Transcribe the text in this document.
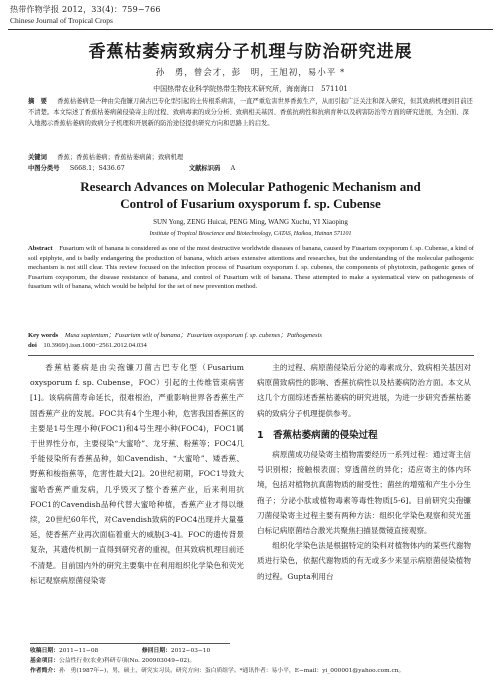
热带作物学报 2012，33(4)：759−766
Chinese Journal of Tropical Crops
香蕉枯萎病致病分子机理与防治研究进展
孙　勇，曾会才，彭　明，王旭初，易小平 *
中国热带农业科学院热带生物技术研究所，海南海口　571101
摘　要 　 香蕉枯萎病是一种由尖孢镰刀菌古巴专化型引起的土传根系病害，一直严重危害世界香蕉生产，从而引起广泛关注和深入研究，但其致病机理到目前还不清楚。本文综述了香蕉枯萎病菌侵染寄主的过程、致病毒素的成分分析、致病相关基因、香蕉抗病性和抗病育种以及病害防治等方面的研究进展，为全面、深入地揭示香蕉枯萎病的致病分子机理和开展新的防治途径提供研究方向和思路上的启发。
关键词 　 香蕉；香蕉枯萎病；香蕉枯萎病菌；致病机理
中图分类号 　 S668.1；S436.67	文献标识码 　 A
Research Advances on Molecular Pathogenic Mechanism and
Control of Fusarium oxysporum f. sp. Cubense
SUN Yong, ZENG Huicai, PENG Ming, WANG Xuchu, YI Xiaoping
Institute of Tropical Bioscience and Biotechnology, CATAS, Haikou, Hainan 571101
Abstract Fusarium wilt of banana is considered as one of the most destructive worldwide diseases of banana, caused by Fusarium oxysporum f. sp. Cubense, a kind of soil epiphyte, and is badly endangering the production of banana, which arises extensive attentions and researches, but the understanding of the molecular pathogenic mechanism is not still clear. This review focused on the infection process of Fusarium oxysporum f. sp. cubenes, the components of phytotoxin, pathogenic genes of Fusarium oxysporum, the disease resistance of banana, and control of Fusarium wilt of banana. These attempted to make a systematical view on pathogenesis of fusarium wilt of banana, which would be helpful for the set of new prevention method.
Key words Musa sapientum；Fusarium wilt of banana；Fusarium oxysporum f. sp. cubenes；Pathogenesis
doi 10.3969/j.issn.1000−2561.2012.04.034

香蕉枯萎病是由尖孢镰刀菌古巴专化型（Fusarium oxysporum f. sp. Cubense，FOC）引起的土传维管束病害[1]。该病病菌寿命延长，很难根治，严重影响世界各香蕉生产国香蕉产业的发展。FOC共有4个生理小种，危害我国香蕉区的主要是1号生理小种(FOC1)和4号生理小种(FOC4)，FOC1属于世界性分布，主要侵染“大蜜哈”、龙牙蕉、粉蕉等；FOC4几乎能侵染所有香蕉品种，如Cavendish、“大蜜哈”、矮香蕉、野蕉和梭指蕉等，危害性最大[2]。20世纪初期，FOC1导致大蜜哈香蕉严重发病，几乎毁灭了整个香蕉产业，后来利用抗FOC1的Cavendish品种代替大蜜哈种植，香蕉产业才得以继续，20世纪60年代，对Cavendish致病的FOC4出现并大量蔓延，使香蕉产业再次面临着重大的威胁[3-4]。FOC的遗传背景复杂，其遗传机制一直得到研究者的重视，但其致病机理目前还不清楚。目前国内外的研究主要集中在利用组织化学染色和荧光标记观察病原菌侵染寄

主的过程、病原菌侵染后分泌的毒素成分、致病相关基因对病原菌致病性的影响、香蕉抗病性以及枯萎病防治方面。本文从这几个方面综述香蕉枯萎病的研究进展，为进一步研究香蕉枯萎病的致病分子机理提供参考。

1　香蕉枯萎病菌的侵染过程

病原菌成功侵染寄主植物需要经历一系列过程：通过寄主信号识别根；接触根表面；穿透菌丝的异化；适应寄主的体内环境，包括对植物抗真菌物质的耐受性；菌丝的增殖和产生小分生孢子；分泌小肽或植物毒素等毒性物质[5-6]。目前研究尖孢镰刀菌侵染寄主过程主要有两种方法：组织化学染色观察和荧光蛋白标记病原菌结合激光共聚焦扫描显微镜直接观察。

组织化学染色法是根据特定的染料对植物体内的某些代谢物质进行染色，依据代谢物质的有无或多少来显示病原菌侵染植物的过程。Gupta利用台

收稿日期：2011−11−08	修回日期：2012−03−10
基金项目：公益性行业(农业)科研专项(No. 200903049−02)。
作者简介：孙　勇(1987年−)，男，硕士，研究实习员。研究方向：蛋白质组学。*通讯作者：易小平，E−mail：yi_000001@yahoo.com.cn。
